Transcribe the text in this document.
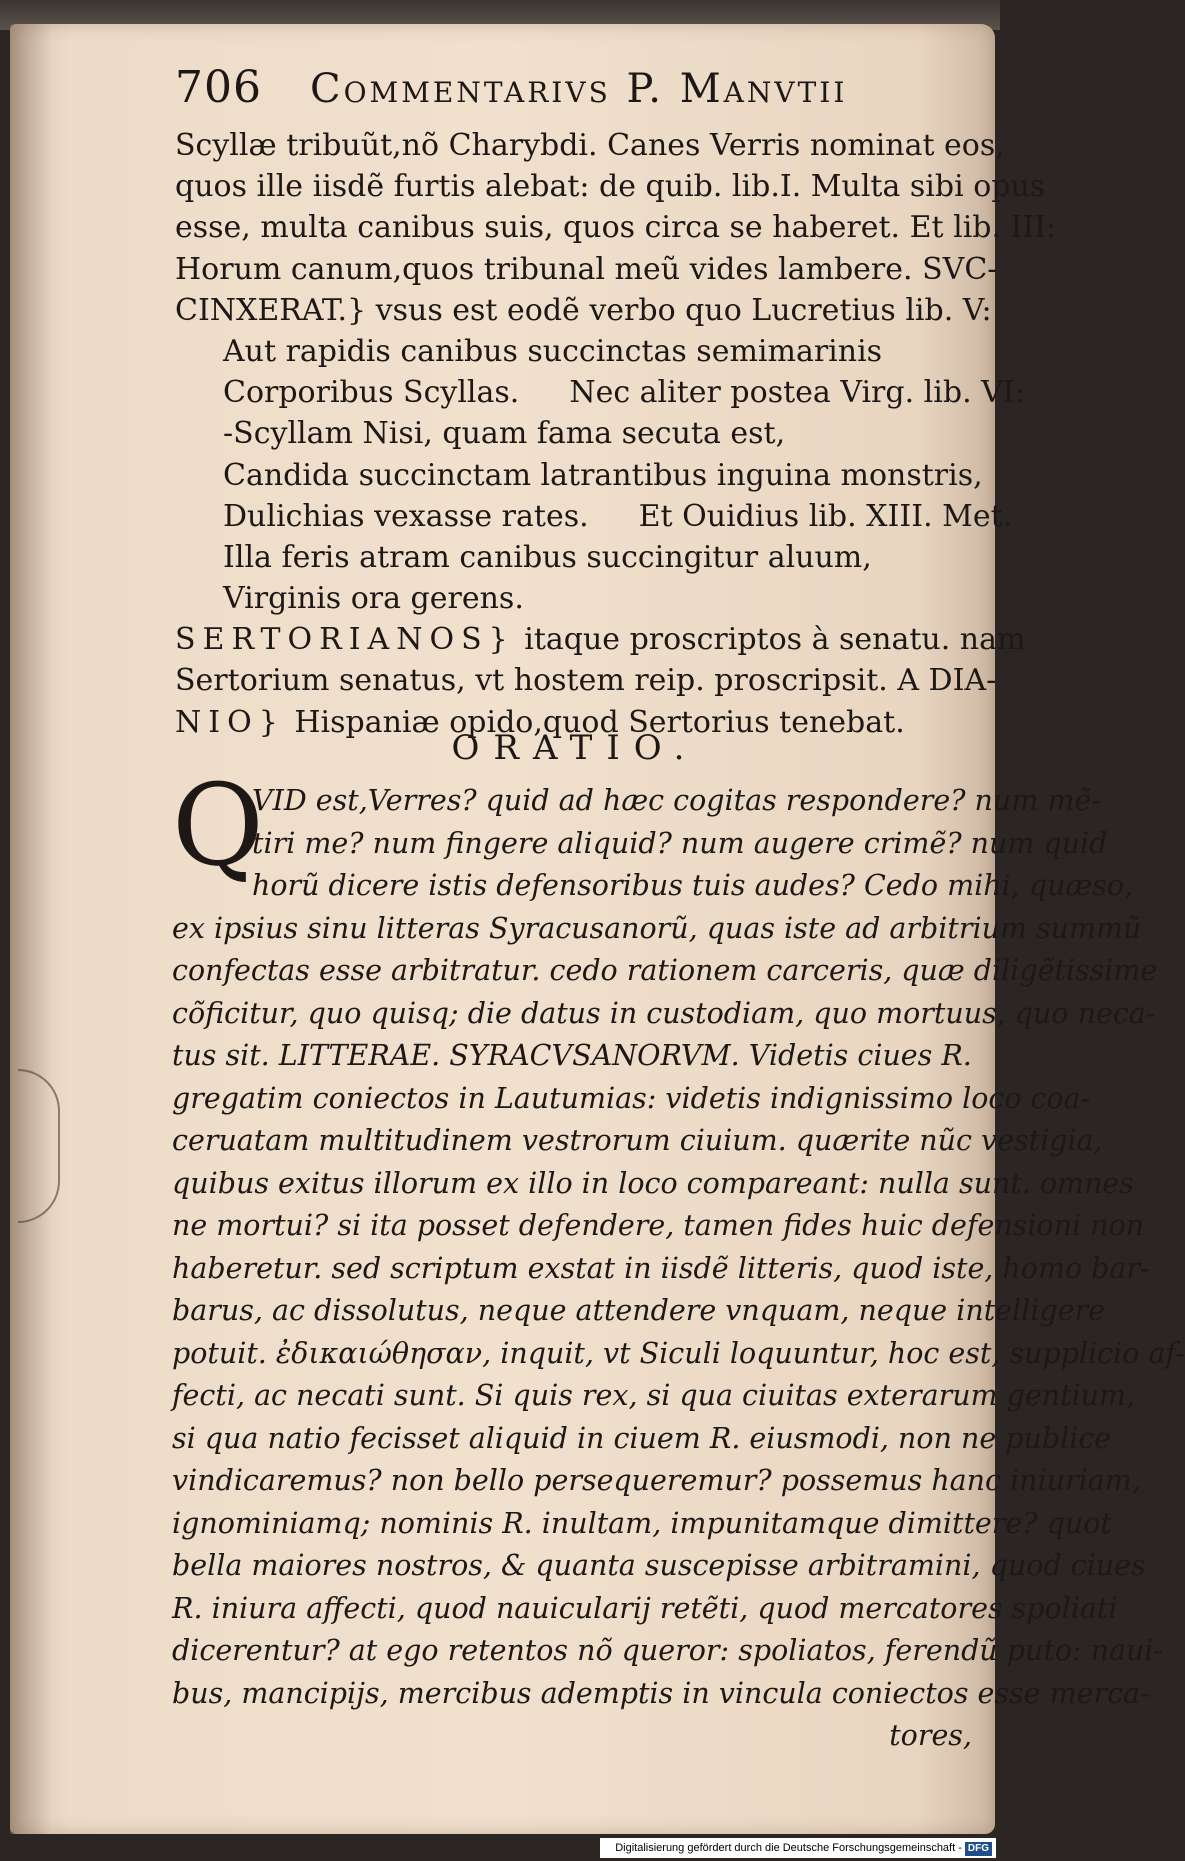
706 Commentarivs P. Manvtii
Scyllæ tribuũt,nõ Charybdi. Canes Verris nominat eos,
quos ille iisdẽ furtis alebat: de quib. lib.I. Multa sibi opus
esse, multa canibus suis, quos circa se haberet. Et lib. III:
Horum canum,quos tribunal meũ vides lambere. SVC-
CINXERAT.} vsus est eodẽ verbo quo Lucretius lib. V:
Aut rapidis canibus succinctas semimarinis
Corporibus Scyllas. Nec aliter postea Virg. lib. VI:
-Scyllam Nisi, quam fama secuta est,
Candida succinctam latrantibus inguina monstris,
Dulichias vexasse rates. Et Ouidius lib. XIII. Met.
Illa feris atram canibus succingitur aluum,
Virginis ora gerens.
SERTORIANOS} itaque proscriptos à senatu. nam
Sertorium senatus, vt hostem reip. proscripsit. A DIA-
NIO} Hispaniæ opido,quod Sertorius tenebat.
ORATIO.
Q
VID est,Verres? quid ad hæc cogitas respondere? num mẽ-
tiri me? num fingere aliquid? num augere crimẽ? num quid
horũ dicere istis defensoribus tuis audes? Cedo mihi, quæso,
ex ipsius sinu litteras Syracusanorũ, quas iste ad arbitrium summũ
confectas esse arbitratur. cedo rationem carceris, quæ diligẽtissime
cõficitur, quo quisq; die datus in custodiam, quo mortuus, quo neca-
tus sit. LITTERAE. SYRACVSANORVM. Videtis ciues R.
gregatim coniectos in Lautumias: videtis indignissimo loco coa-
ceruatam multitudinem vestrorum ciuium. quærite nũc vestigia,
quibus exitus illorum ex illo in loco compareant: nulla sunt. omnes
ne mortui? si ita posset defendere, tamen fides huic defensioni non
haberetur. sed scriptum exstat in iisdẽ litteris, quod iste, homo bar-
barus, ac dissolutus, neque attendere vnquam, neque intelligere
potuit. ἐδικαιώθησαν, inquit, vt Siculi loquuntur, hoc est, supplicio af-
fecti, ac necati sunt. Si quis rex, si qua ciuitas exterarum gentium,
si qua natio fecisset aliquid in ciuem R. eiusmodi, non ne publice
vindicaremus? non bello persequeremur? possemus hanc iniuriam,
ignominiamq; nominis R. inultam, impunitamque dimittere? quot
bella maiores nostros, & quanta suscepisse arbitramini, quod ciues
R. iniura affecti, quod nauicularij retẽti, quod mercatores spoliati
dicerentur? at ego retentos nõ queror: spoliatos, ferendũ puto: naui-
bus, mancipijs, mercibus ademptis in vincula coniectos esse merca-
tores,
Digitalisierung gefördert durch die Deutsche Forschungsgemeinschaft - DFG
